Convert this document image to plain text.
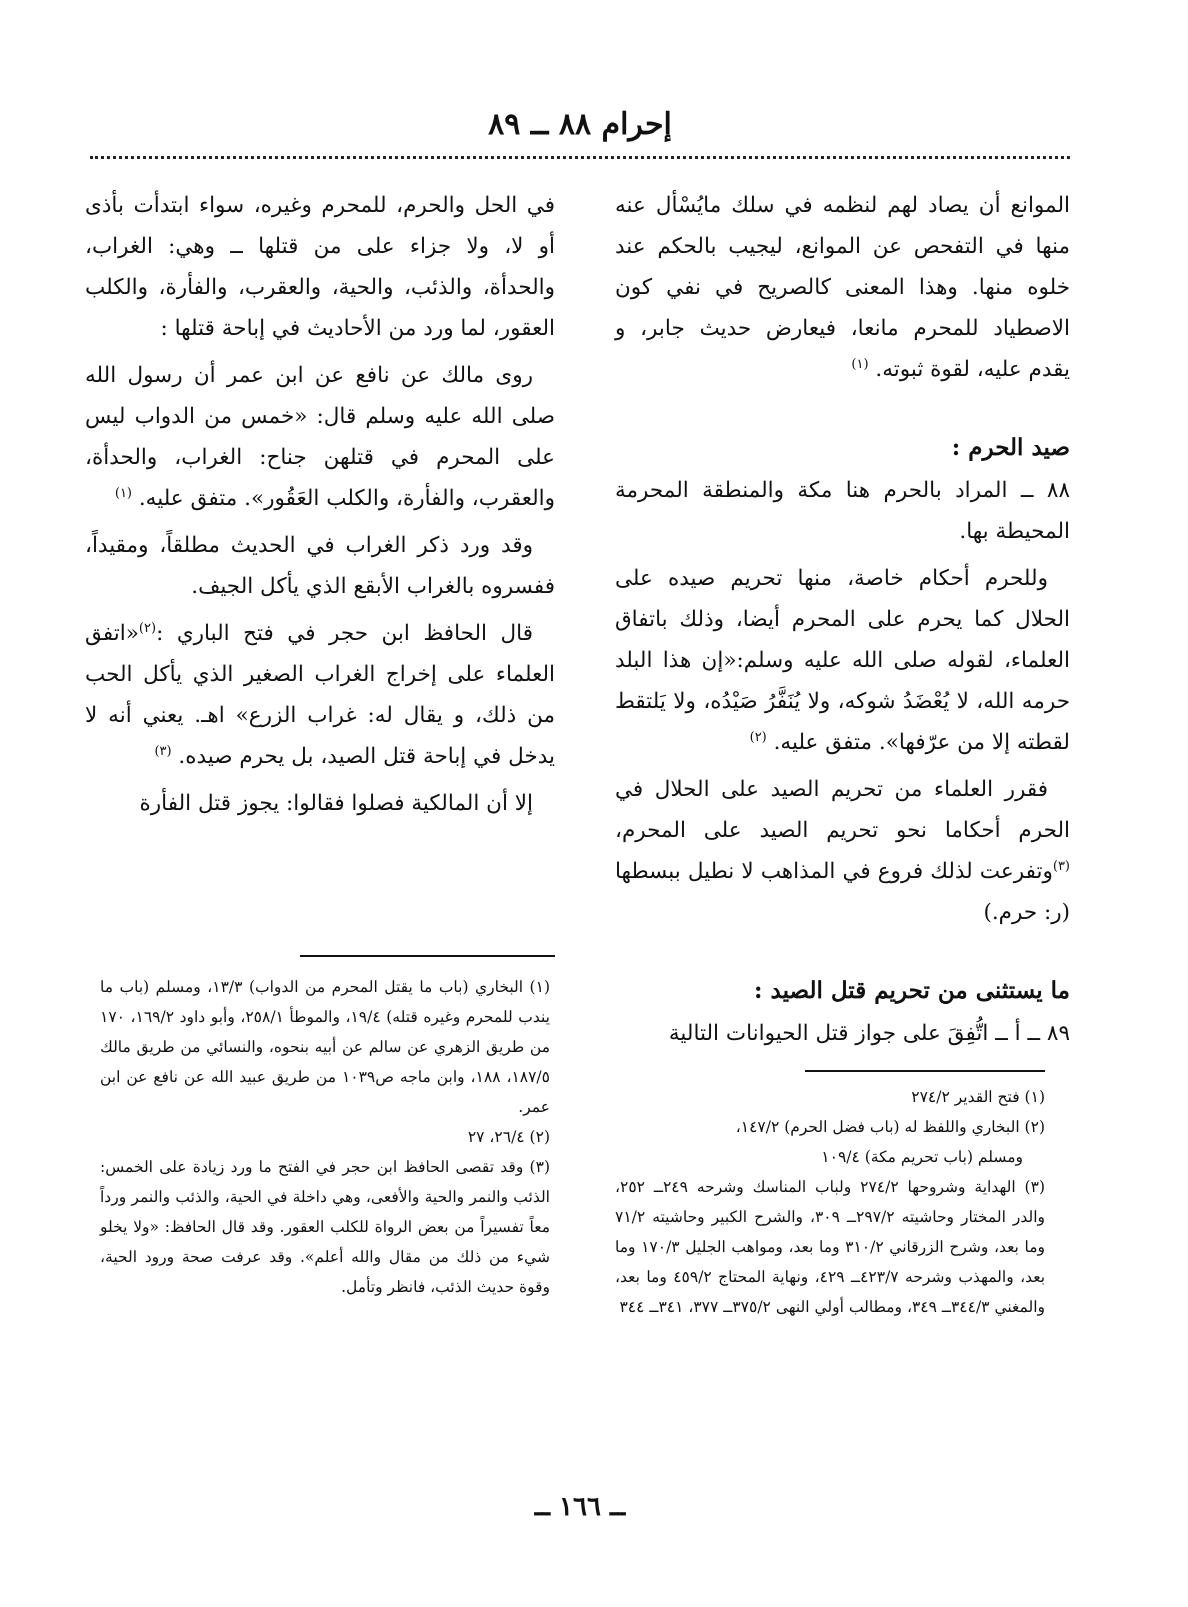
إحرام ٨٨ ــ ٨٩

الموانع أن يصاد لهم لنظمه في سلك مايُسْأل عنه منها في التفحص عن الموانع، ليجيب بالحكم عند خلوه منها. وهذا المعنى كالصريح في نفي كون الاصطياد للمحرم مانعا، فيعارض حديث جابر، و يقدم عليه، لقوة ثبوته. $^{(١)}$

صيد الحرم :

٨٨ ــ المراد بالحرم هنا مكة والمنطقة المحرمة المحيطة بها.

وللحرم أحكام خاصة، منها تحريم صيده على الحلال كما يحرم على المحرم أيضا، وذلك باتفاق العلماء، لقوله صلى الله عليه وسلم:«إن هذا البلد حرمه الله، لا يُعْضَدُ شوكه، ولا يُنَفَّرُ صَيْدُه، ولا يَلتقط لقطته إلا من عرّفها». متفق عليه. $^{(٢)}$

فقرر العلماء من تحريم الصيد على الحلال في الحرم أحكاما نحو تحريم الصيد على المحرم،$^{(٣)}$وتفرعت لذلك فروع في المذاهب لا نطيل ببسطها (ر: حرم.)

ما يستثنى من تحريم قتل الصيد :

٨٩ ــ أ ــ اتُّفِقَ على جواز قتل الحيوانات التالية

في الحل والحرم، للمحرم وغيره، سواء ابتدأت بأذى أو لا، ولا جزاء على من قتلها ــ وهي: الغراب، والحدأة، والذئب، والحية، والعقرب، والفأرة، والكلب العقور، لما ورد من الأحاديث في إباحة قتلها :

روى مالك عن نافع عن ابن عمر أن رسول الله صلى الله عليه وسلم قال: «خمس من الدواب ليس على المحرم في قتلهن جناح: الغراب، والحدأة، والعقرب، والفأرة، والكلب العَقُور». متفق عليه. $^{(١)}$

وقد ورد ذكر الغراب في الحديث مطلقاً، ومقيداً، ففسروه بالغراب الأبقع الذي يأكل الجيف.

قال الحافظ ابن حجر في فتح الباري :$^{(٢)}$«اتفق العلماء على إخراج الغراب الصغير الذي يأكل الحب من ذلك، و يقال له: غراب الزرع» اهـ. يعني أنه لا يدخل في إباحة قتل الصيد، بل يحرم صيده. $^{(٣)}$

إلا أن المالكية فصلوا فقالوا: يجوز قتل الفأرة

(١) فتح القدير ٢٧٤/٢

(٢) البخاري واللفظ له (باب فضل الحرم) ١٤٧/٢،

ومسلم (باب تحريم مكة) ١٠٩/٤

(٣) الهداية وشروحها ٢٧٤/٢ ولباب المناسك وشرحه ٢٤٩ــ ٢٥٢، والدر المختار وحاشيته ٢٩٧/٢ــ ٣٠٩، والشرح الكبير وحاشيته ٧١/٢ وما بعد، وشرح الزرقاني ٣١٠/٢ وما بعد، ومواهب الجليل ١٧٠/٣ وما بعد، والمهذب وشرحه ٤٢٣/٧ــ ٤٢٩، ونهاية المحتاج ٤٥٩/٢ وما بعد، والمغني ٣٤٤/٣ــ ٣٤٩، ومطالب أولي النهى ٣٧٥/٢ــ ٣٧٧، ٣٤١ــ ٣٤٤

(١) البخاري (باب ما يقتل المحرم من الدواب) ١٣/٣، ومسلم (باب ما يندب للمحرم وغيره قتله) ١٩/٤، والموطأ ٢٥٨/١، وأبو داود ١٦٩/٢، ١٧٠ من طريق الزهري عن سالم عن أبيه بنحوه، والنسائي من طريق مالك ١٨٧/٥، ١٨٨، وابن ماجه ص١٠٣٩ من طريق عبيد الله عن نافع عن ابن عمر.

(٢) ٢٦/٤، ٢٧

(٣) وقد تقصى الحافظ ابن حجر في الفتح ما ورد زيادة على الخمس: الذئب والنمر والحية والأفعى، وهي داخلة في الحية، والذئب والنمر ورداً معاً تفسيراً من بعض الرواة للكلب العقور. وقد قال الحافظ: «ولا يخلو شيء من ذلك من مقال والله أعلم». وقد عرفت صحة ورود الحية، وقوة حديث الذئب، فانظر وتأمل.

ــ ١٦٦ ــ
